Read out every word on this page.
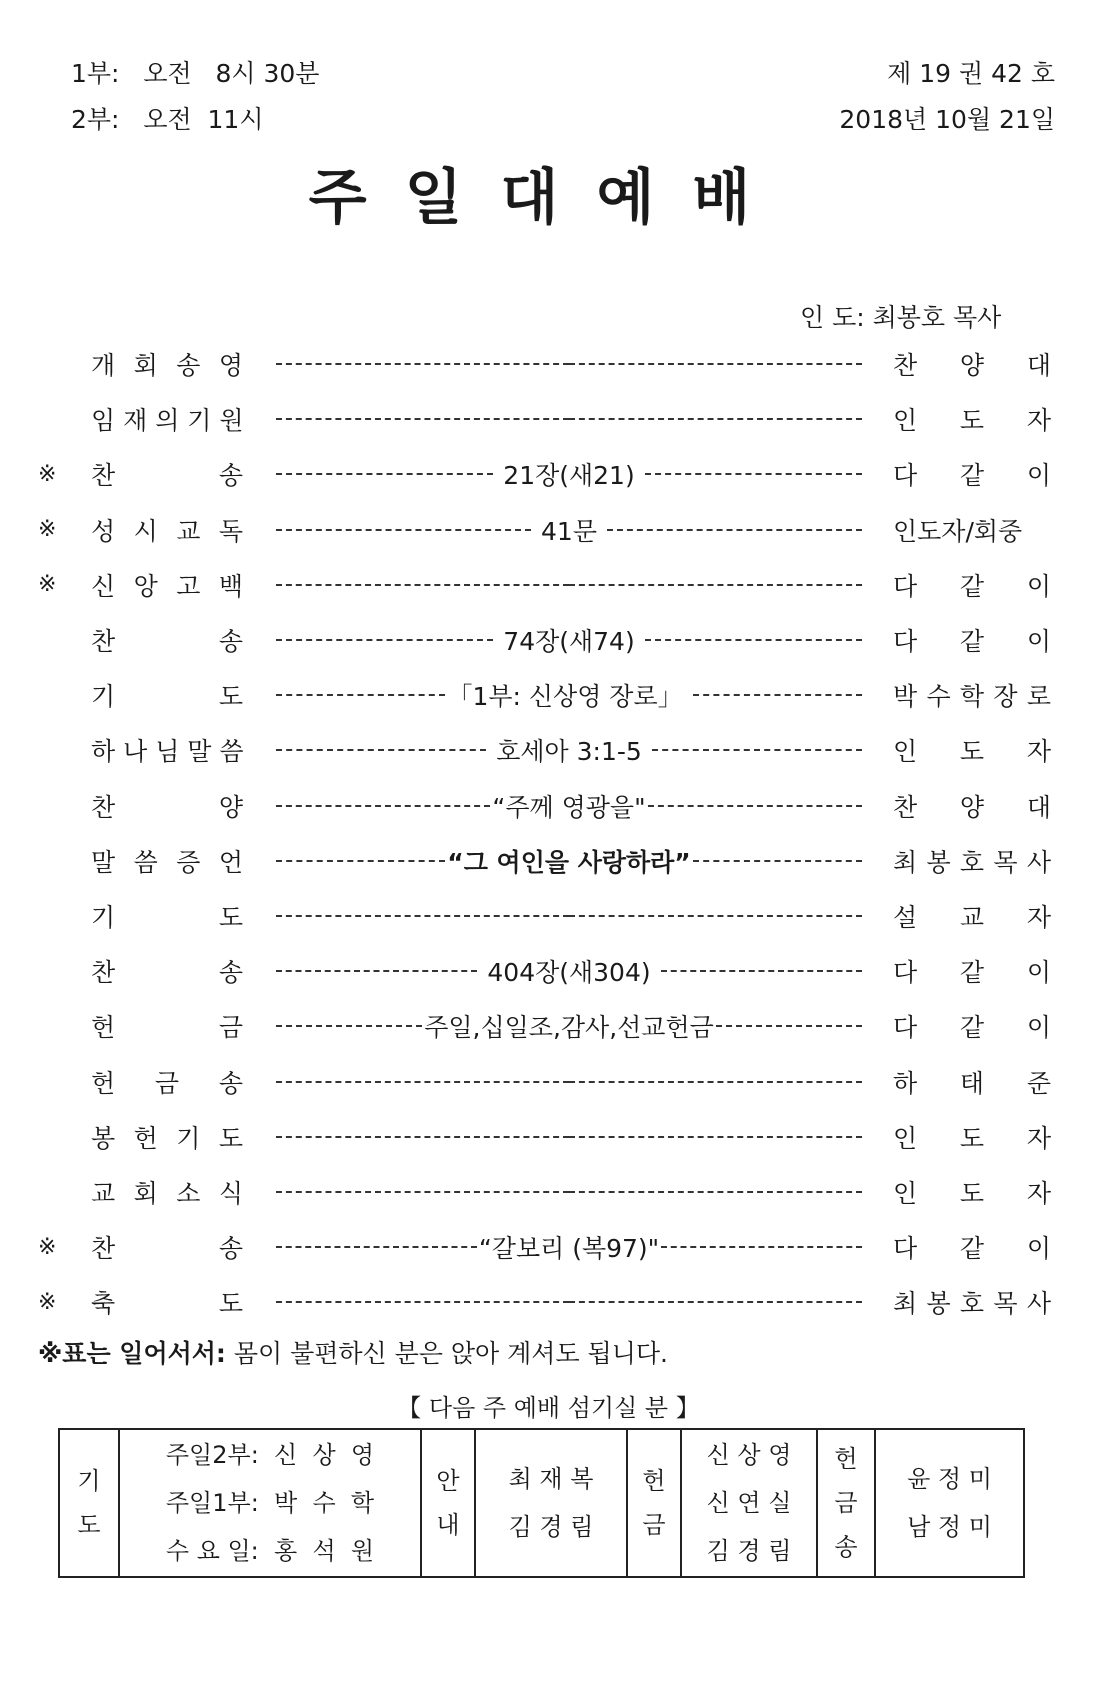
1부:   오전   8시 30분
2부:   오전  11시
제 19 권 42 호
2018년 10월 21일
주일대예배
인 도: 최봉호 목사
개 회 송 영	찬 양 대
임 재 의 기 원	인 도 자
※ 찬 송	21장(새21)	다 같 이
※ 성 시 교 독	41문	인도자/회중
※ 신 앙 고 백	다 같 이
찬 송	74장(새74)	다 같 이
기 도	「1부: 신상영 장로」	박 수 학 장 로
하 나 님 말 씀	호세아 3:1-5	인 도 자
찬 양	“주께 영광을"	찬 양 대
말 씀 증 언	“그 여인을 사랑하라”	최 봉 호 목 사
기 도	설 교 자
찬 송	404장(새304)	다 같 이
헌 금	주일,십일조,감사,선교헌금	다 같 이
헌 금 송	하 태 준
봉 헌 기 도	인 도 자
교 회 소 식	인 도 자
※ 찬 송	“갈보리 (복97)"	다 같 이
※ 축 도	최 봉 호 목 사
※표는 일어서서: 몸이 불편하신 분은 앉아 계셔도 됩니다.
【 다음 주 예배 섬기실 분 】
기
도

주일2부:  신  상  영
주일1부:  박  수  학
수 요 일:  홍  석  원

안
내

최 재 복
김 경 림

헌
금

신 상 영
신 연 실
김 경 림

헌
금
송

윤 정 미
남 정 미
